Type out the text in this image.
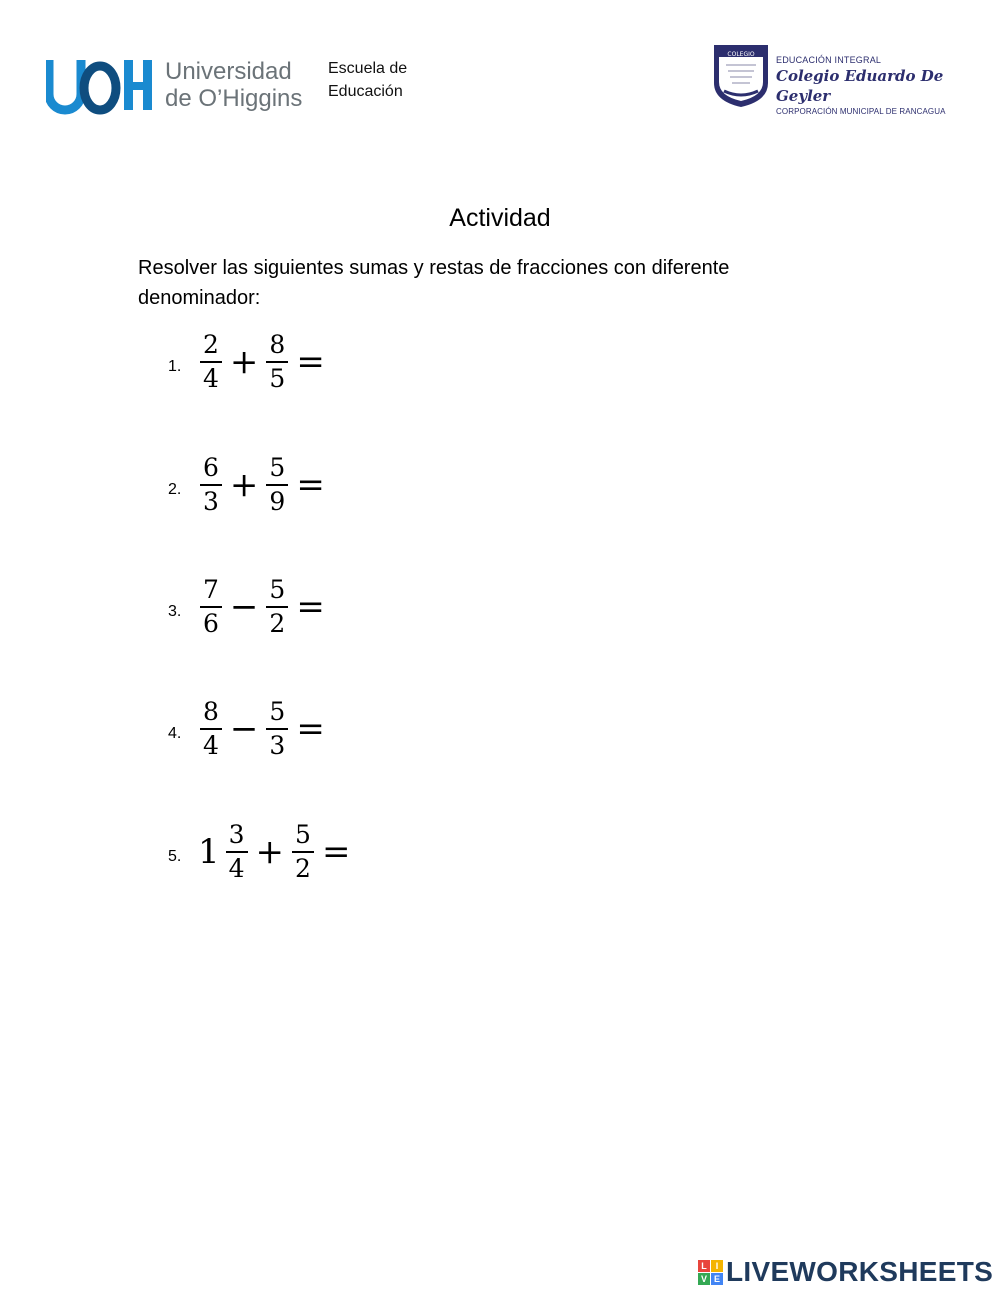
Universidad
de O’Higgins
Escuela de
Educación
COLEGIO
EDUCACIÓN INTEGRAL
Colegio Eduardo De Geyler
CORPORACIÓN MUNICIPAL DE RANCAGUA
Actividad
Resolver las siguientes sumas y restas de fracciones con diferente denominador:
1. $\frac{2}{4} + \frac{8}{5}$ =
2. $\frac{6}{3} + \frac{5}{9}$ =
3. $\frac{7}{6} - \frac{5}{2}$ =
4. $\frac{8}{4} - \frac{5}{3}$ =
5. $1 \frac{3}{4} + \frac{5}{2}$ =
L I
V E LIVEWORKSHEETS
